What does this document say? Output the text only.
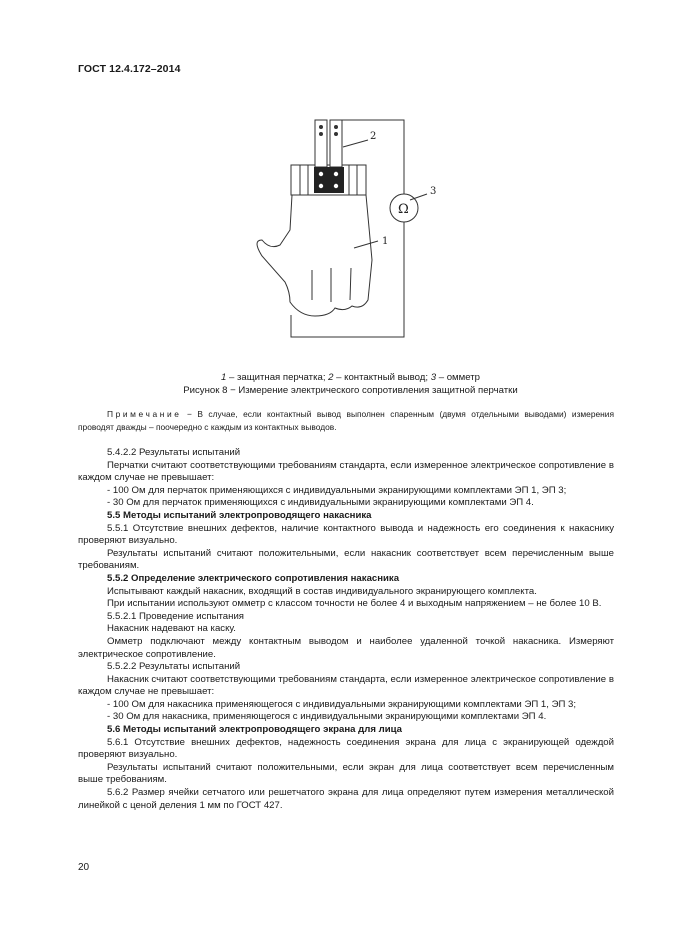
ГОСТ 12.4.172–2014
Ω
2
3
1
1 – защитная перчатка; 2 – контактный вывод; 3 – омметр
Рисунок 8 − Измерение электрического сопротивления защитной перчатки
Примечание − В случае, если контактный вывод выполнен спаренным (двумя отдельными выводами) измерения проводят дважды – поочередно с каждым из контактных выводов.

5.4.2.2 Результаты испытаний

Перчатки считают соответствующими требованиям стандарта, если измеренное электрическое сопротивление в каждом случае не превышает:

- 100 Ом для перчаток применяющихся с индивидуальными экранирующими комплектами ЭП 1, ЭП 3;

- 30 Ом для перчаток применяющихся с индивидуальными экранирующими комплектами ЭП 4.

5.5 Методы испытаний электропроводящего накасника

5.5.1 Отсутствие внешних дефектов, наличие контактного вывода и надежность его соединения к накаснику проверяют визуально.

Результаты испытаний считают положительными, если накасник соответствует всем перечисленным выше требованиям.

5.5.2 Определение электрического сопротивления накасника

Испытывают каждый накасник, входящий в состав индивидуального экранирующего комплекта.

При испытании используют омметр с классом точности не более 4 и выходным напряжением – не более 10 В.

5.5.2.1 Проведение испытания

Накасник надевают на каску.

Омметр подключают между контактным выводом и наиболее удаленной точкой накасника. Измеряют электрическое сопротивление.

5.5.2.2 Результаты испытаний

Накасник считают соответствующими требованиям стандарта, если измеренное электрическое сопротивление в каждом случае не превышает:

- 100 Ом для накасника применяющегося с индивидуальными экранирующими комплектами ЭП 1, ЭП 3;

- 30 Ом для накасника, применяющегося с индивидуальными экранирующими комплектами ЭП 4.

5.6 Методы испытаний электропроводящего экрана для лица

5.6.1 Отсутствие внешних дефектов, надежность соединения экрана для лица с экранирующей одеждой проверяют визуально.

Результаты испытаний считают положительными, если экран для лица соответствует всем перечисленным выше требованиям.

5.6.2 Размер ячейки сетчатого или решетчатого экрана для лица определяют путем измерения металлической линейкой с ценой деления 1 мм по ГОСТ 427.

20
